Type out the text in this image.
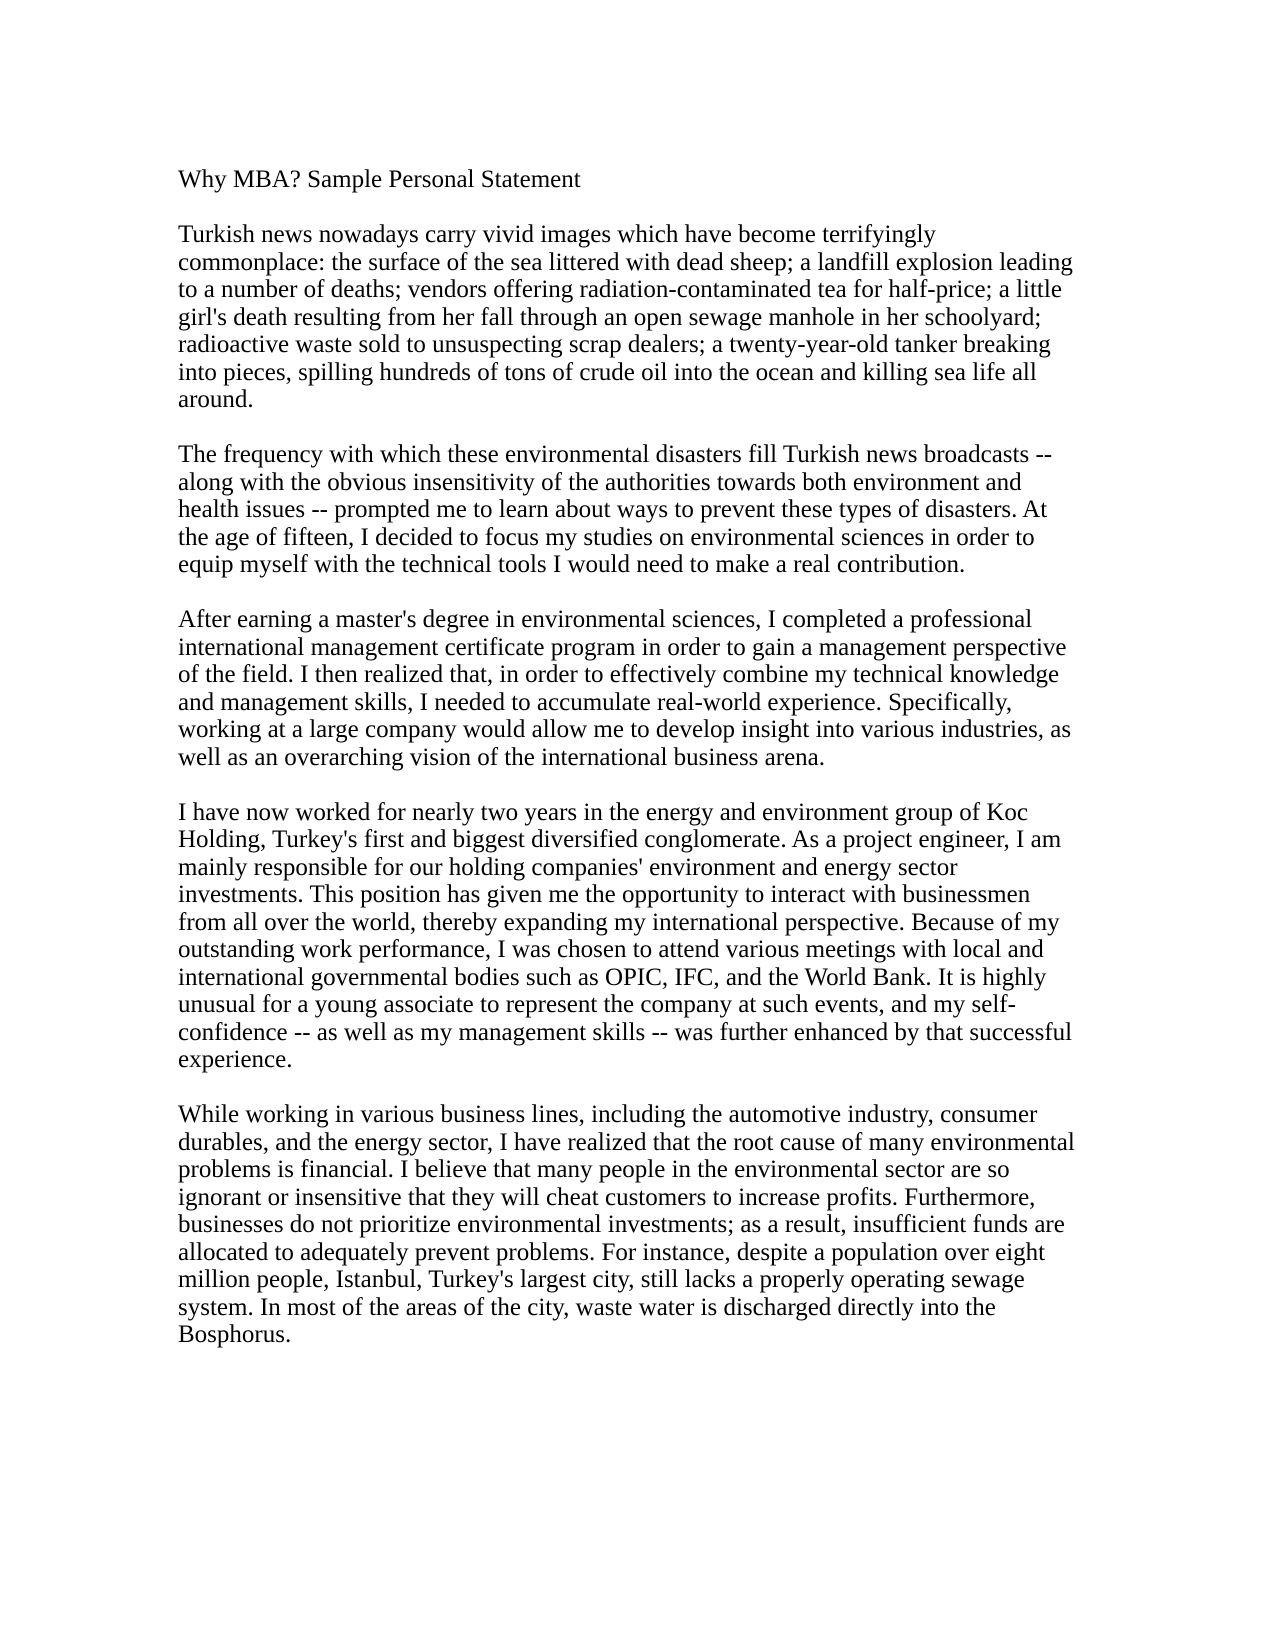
Why MBA? Sample Personal Statement

Turkish news nowadays carry vivid images which have become terrifyingly commonplace: the surface of the sea littered with dead sheep; a landfill explosion leading to a number of deaths; vendors offering radiation-contaminated tea for half-price; a little girl's death resulting from her fall through an open sewage manhole in her schoolyard; radioactive waste sold to unsuspecting scrap dealers; a twenty-year-old tanker breaking into pieces, spilling hundreds of tons of crude oil into the ocean and killing sea life all around.

The frequency with which these environmental disasters fill Turkish news broadcasts -- along with the obvious insensitivity of the authorities towards both environment and health issues -- prompted me to learn about ways to prevent these types of disasters. At the age of fifteen, I decided to focus my studies on environmental sciences in order to equip myself with the technical tools I would need to make a real contribution.

After earning a master's degree in environmental sciences, I completed a professional international management certificate program in order to gain a management perspective of the field. I then realized that, in order to effectively combine my technical knowledge and management skills, I needed to accumulate real-world experience. Specifically, working at a large company would allow me to develop insight into various industries, as well as an overarching vision of the international business arena.

I have now worked for nearly two years in the energy and environment group of Koc Holding, Turkey's first and biggest diversified conglomerate. As a project engineer, I am mainly responsible for our holding companies' environment and energy sector investments. This position has given me the opportunity to interact with businessmen from all over the world, thereby expanding my international perspective. Because of my outstanding work performance, I was chosen to attend various meetings with local and international governmental bodies such as OPIC, IFC, and the World Bank. It is highly unusual for a young associate to represent the company at such events, and my self-confidence -- as well as my management skills -- was further enhanced by that successful experience.

While working in various business lines, including the automotive industry, consumer durables, and the energy sector, I have realized that the root cause of many environmental problems is financial. I believe that many people in the environmental sector are so ignorant or insensitive that they will cheat customers to increase profits. Furthermore, businesses do not prioritize environmental investments; as a result, insufficient funds are allocated to adequately prevent problems. For instance, despite a population over eight million people, Istanbul, Turkey's largest city, still lacks a properly operating sewage system. In most of the areas of the city, waste water is discharged directly into the Bosphorus.
